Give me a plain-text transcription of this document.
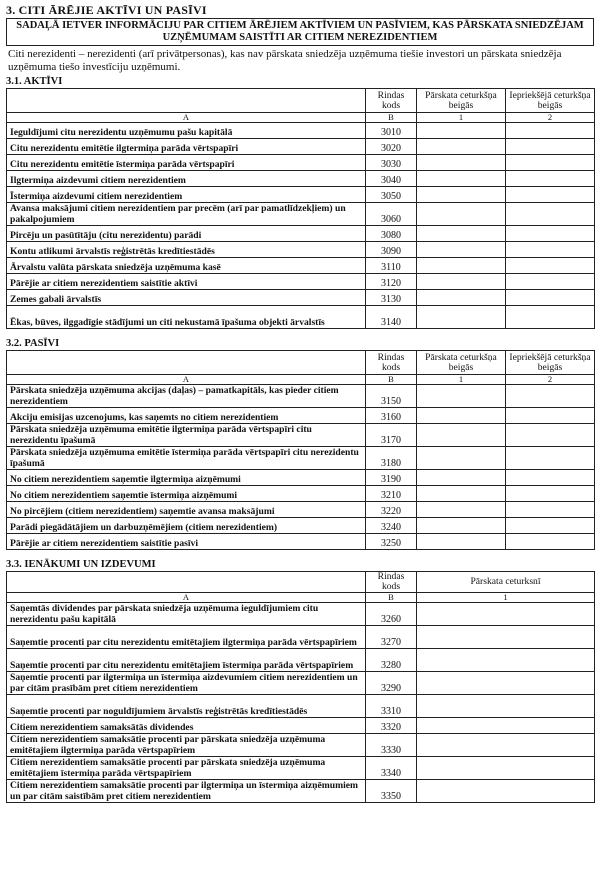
3. CITI ĀRĒJIE AKTĪVI UN PASĪVI
SADAĻĀ IETVER INFORMĀCIJU PAR CITIEM ĀRĒJIEM AKTĪVIEM UN PASĪVIEM, KAS PĀRSKATA SNIEDZĒJAM UZŅĒMUMAM SAISTĪTI AR CITIEM NEREZIDENTIEM
Citi nerezidenti – nerezidenti (arī privātpersonas), kas nav pārskata sniedzēja uzņēmuma tiešie investori un pārskata sniedzēja uzņēmuma tiešo investīciju uzņēmumi.
3.1. AKTĪVI
	Rindas kods	Pārskata ceturkšņa beigās	Iepriekšējā ceturkšņa beigās
A	B	1	2
Ieguldījumi citu nerezidentu uzņēmumu pašu kapitālā	3010		
Citu nerezidentu emitētie ilgtermiņa parāda vērtspapīri	3020		
Citu nerezidentu emitētie īstermiņa parāda vērtspapīri	3030		
Ilgtermiņa aizdevumi citiem nerezidentiem	3040		
Īstermiņa aizdevumi citiem nerezidentiem	3050		
Avansa maksājumi citiem nerezidentiem par precēm (arī par pamatlīdzekļiem) un pakalpojumiem	3060		
Pircēju un pasūtītāju (citu nerezidentu) parādi	3080		
Kontu atlikumi ārvalstīs reģistrētās kredītiestādēs	3090		
Ārvalstu valūta pārskata sniedzēja uzņēmuma kasē	3110		
Pārējie ar citiem nerezidentiem saistītie aktīvi	3120		
Zemes gabali ārvalstīs	3130		
Ēkas, būves, ilggadīgie stādījumi un citi nekustamā īpašuma objekti ārvalstīs	3140		
3.2. PASĪVI
	Rindas kods	Pārskata ceturkšņa beigās	Iepriekšējā ceturkšņa beigās
A	B	1	2
Pārskata sniedzēja uzņēmuma akcijas (daļas) – pamatkapitāls, kas pieder citiem nerezidentiem	3150		
Akciju emisijas uzcenojums, kas saņemts no citiem nerezidentiem	3160		
Pārskata sniedzēja uzņēmuma emitētie ilgtermiņa parāda vērtspapīri citu nerezidentu īpašumā	3170		
Pārskata sniedzēja uzņēmuma emitētie īstermiņa parāda vērtspapīri citu nerezidentu īpašumā	3180		
No citiem nerezidentiem saņemtie ilgtermiņa aizņēmumi	3190		
No citiem nerezidentiem saņemtie īstermiņa aizņēmumi	3210		
No pircējiem (citiem nerezidentiem) saņemtie avansa maksājumi	3220		
Parādi piegādātājiem un darbuzņēmējiem (citiem nerezidentiem)	3240		
Pārējie ar citiem nerezidentiem saistītie pasīvi	3250		
3.3. IENĀKUMI UN IZDEVUMI
	Rindas kods	Pārskata ceturksnī
A	B	1
Saņemtās dividendes par pārskata sniedzēja uzņēmuma ieguldījumiem citu nerezidentu pašu kapitālā	3260	
Saņemtie procenti par citu nerezidentu emitētajiem ilgtermiņa parāda vērtspapīriem	3270	
Saņemtie procenti par citu nerezidentu emitētajiem īstermiņa parāda vērtspapīriem	3280	
Saņemtie procenti par ilgtermiņa un īstermiņa aizdevumiem citiem nerezidentiem un par citām prasībām pret citiem nerezidentiem	3290	
Saņemtie procenti par noguldījumiem ārvalstīs reģistrētās kredītiestādēs	3310	
Citiem nerezidentiem samaksātās dividendes	3320	
Citiem nerezidentiem samaksātie procenti par pārskata sniedzēja uzņēmuma emitētajiem ilgtermiņa parāda vērtspapīriem	3330	
Citiem nerezidentiem samaksātie procenti par pārskata sniedzēja uzņēmuma emitētajiem īstermiņa parāda vērtspapīriem	3340	
Citiem nerezidentiem samaksātie procenti par ilgtermiņa un īstermiņa aizņēmumiem un par citām saistībām pret citiem nerezidentiem	3350	
